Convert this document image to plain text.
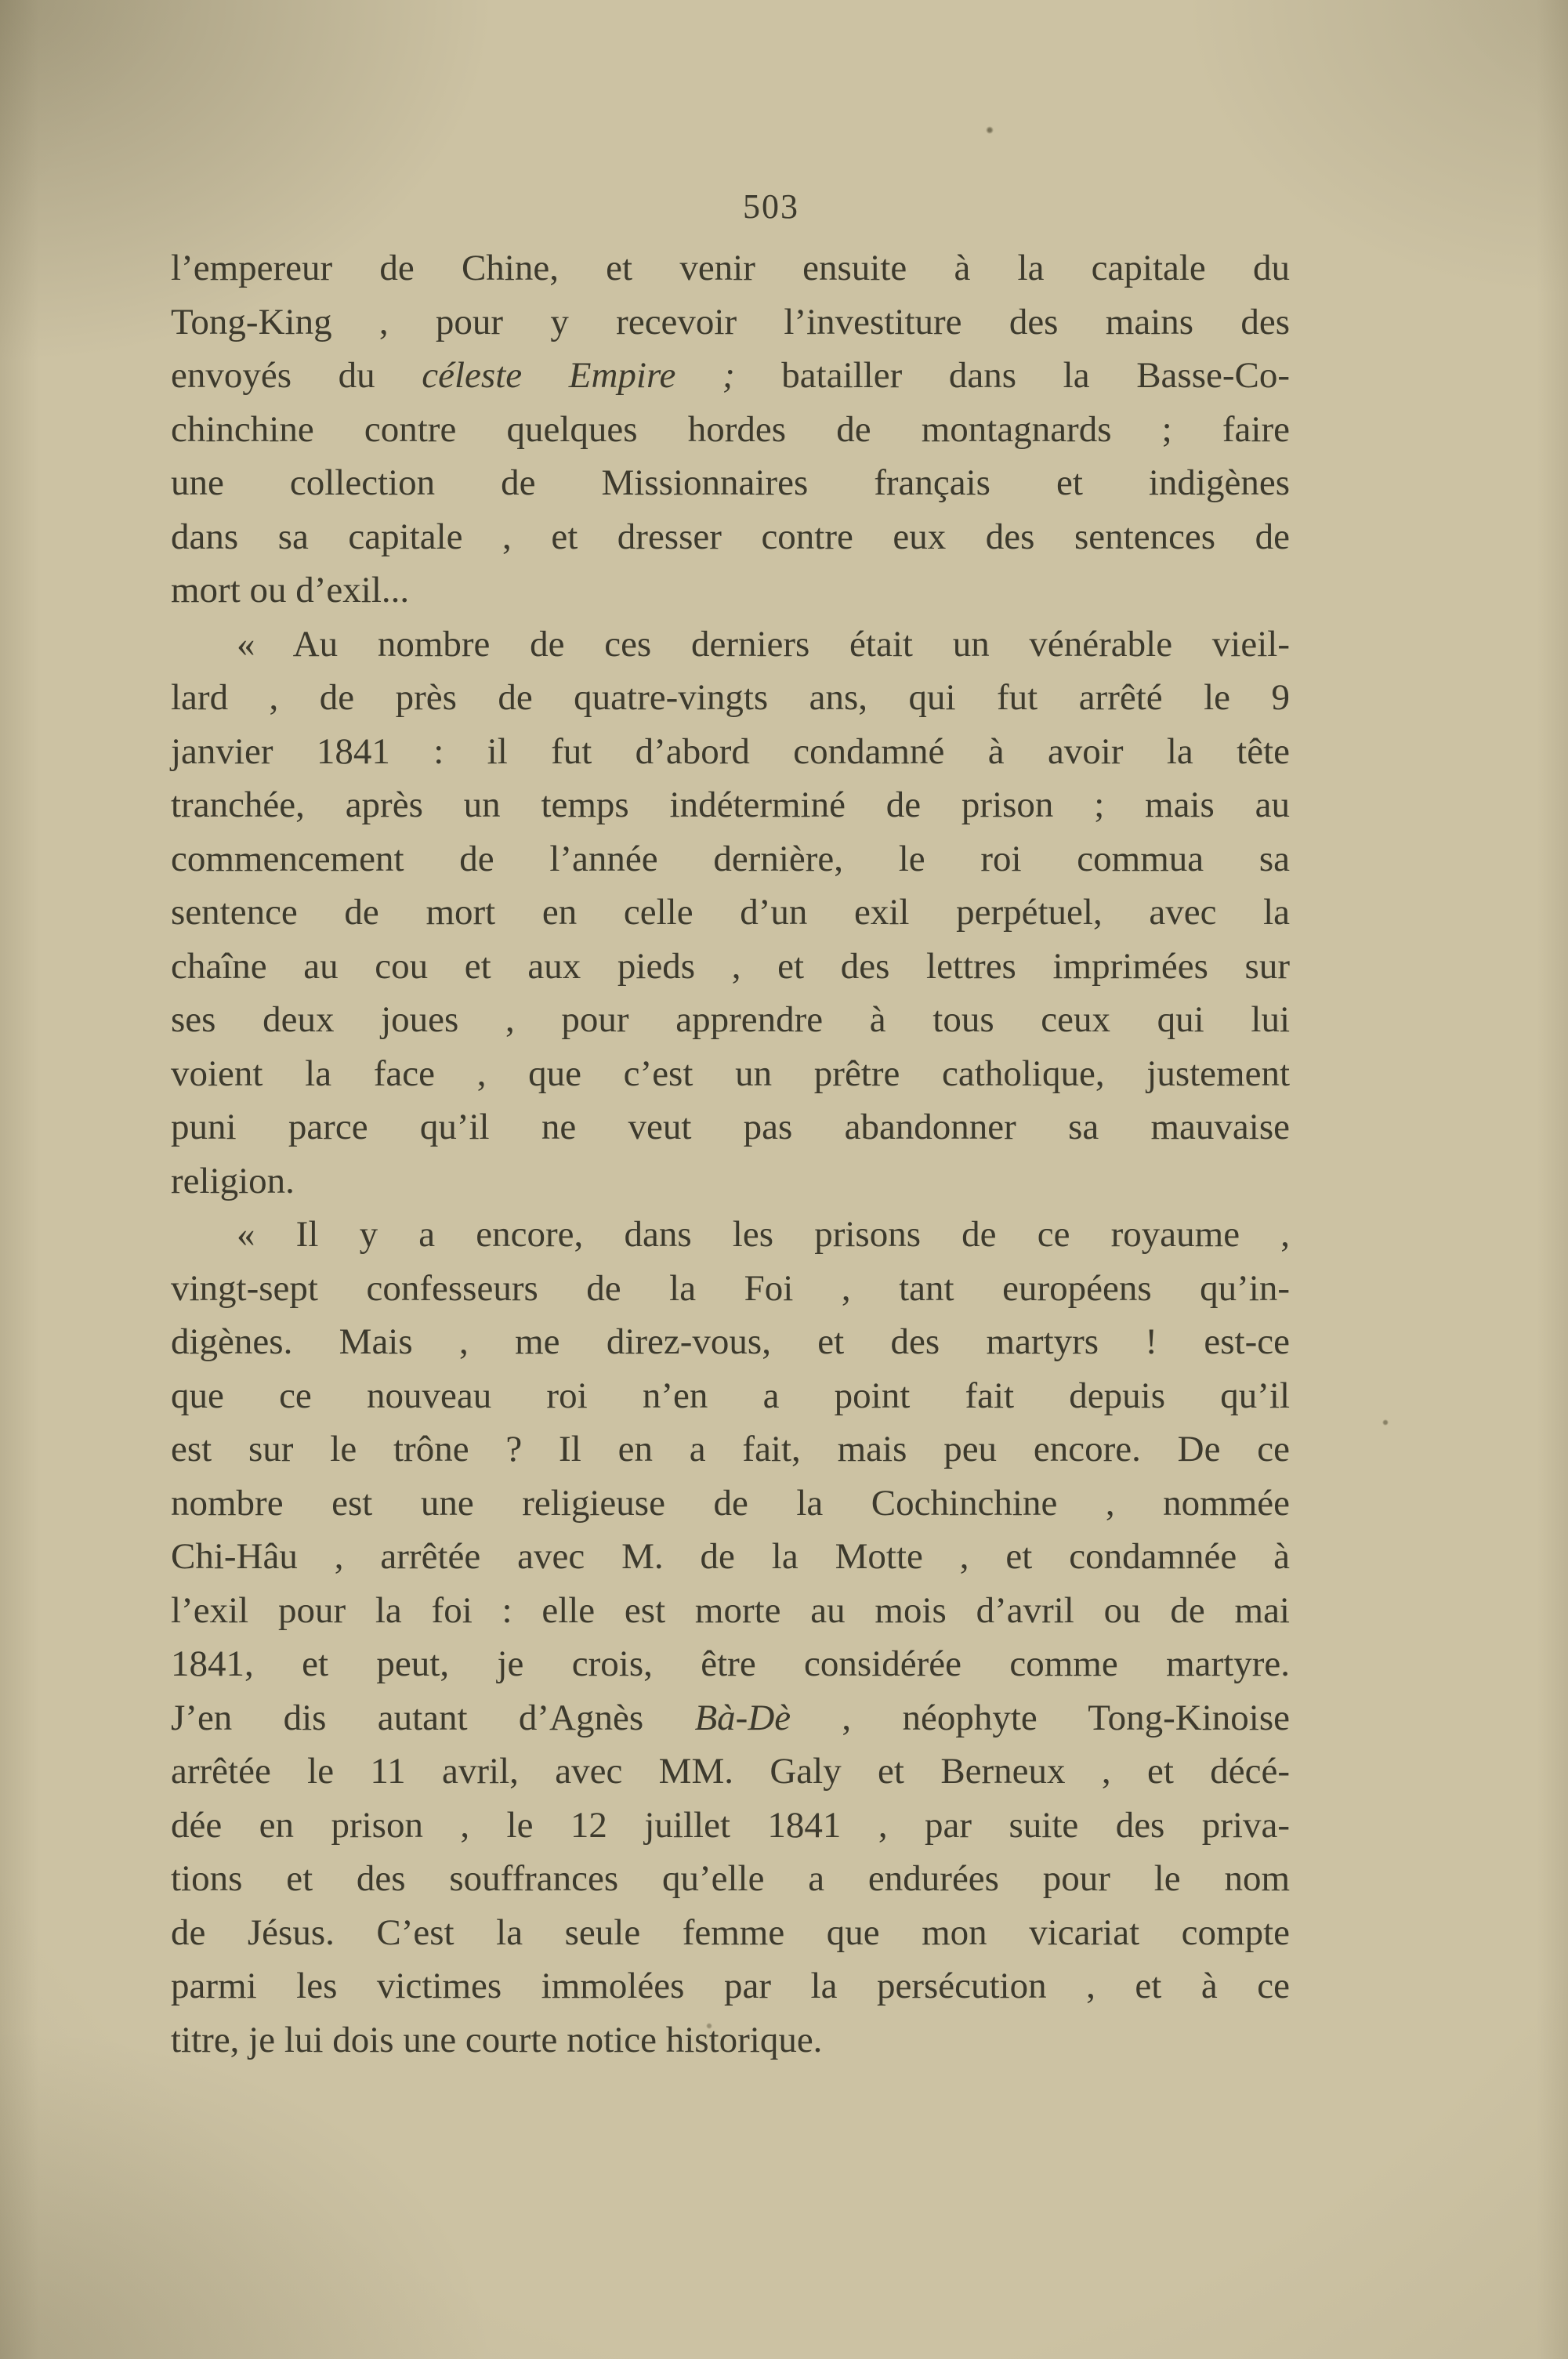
503
l’empereur de Chine, et venir ensuite à la capitale du
Tong-King , pour y recevoir l’investiture des mains des
envoyés du céleste Empire ; batailler dans la Basse-Co-
chinchine contre quelques hordes de montagnards ; faire
une collection de Missionnaires français et indigènes
dans sa capitale , et dresser contre eux des sentences de
mort ou d’exil...
« Au nombre de ces derniers était un vénérable vieil-
lard , de près de quatre-vingts ans, qui fut arrêté le 9
janvier 1841 : il fut d’abord condamné à avoir la tête
tranchée, après un temps indéterminé de prison ; mais au
commencement de l’année dernière, le roi commua sa
sentence de mort en celle d’un exil perpétuel, avec la
chaîne au cou et aux pieds , et des lettres imprimées sur
ses deux joues , pour apprendre à tous ceux qui lui
voient la face , que c’est un prêtre catholique, justement
puni parce qu’il ne veut pas abandonner sa mauvaise
religion.
« Il y a encore, dans les prisons de ce royaume ,
vingt-sept confesseurs de la Foi , tant européens qu’in-
digènes. Mais , me direz-vous, et des martyrs ! est-ce
que ce nouveau roi n’en a point fait depuis qu’il
est sur le trône ? Il en a fait, mais peu encore. De ce
nombre est une religieuse de la Cochinchine , nommée
Chi-Hâu , arrêtée avec M. de la Motte , et condamnée à
l’exil pour la foi : elle est morte au mois d’avril ou de mai
1841, et peut, je crois, être considérée comme martyre.
J’en dis autant d’Agnès Bà-Dè , néophyte Tong-Kinoise
arrêtée le 11 avril, avec MM. Galy et Berneux , et décé-
dée en prison , le 12 juillet 1841 , par suite des priva-
tions et des souffrances qu’elle a endurées pour le nom
de Jésus. C’est la seule femme que mon vicariat compte
parmi les victimes immolées par la persécution , et à ce
titre, je lui dois une courte notice historique.
